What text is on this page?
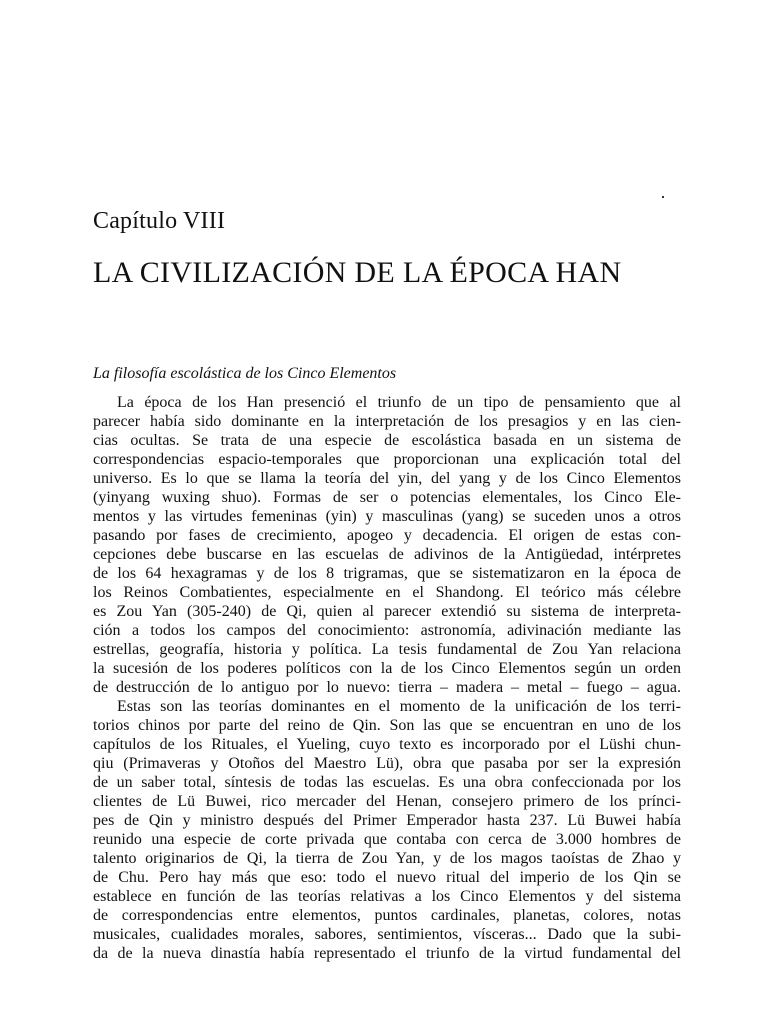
Capítulo VIII
LA CIVILIZACIÓN DE LA ÉPOCA HAN
La filosofía escolástica de los Cinco Elementos
La época de los Han presenció el triunfo de un tipo de pensamiento que al
parecer había sido dominante en la interpretación de los presagios y en las cien-
cias ocultas. Se trata de una especie de escolástica basada en un sistema de
correspondencias espacio-temporales que proporcionan una explicación total del
universo. Es lo que se llama la teoría del yin, del yang y de los Cinco Elementos
(yinyang wuxing shuo). Formas de ser o potencias elementales, los Cinco Ele-
mentos y las virtudes femeninas (yin) y masculinas (yang) se suceden unos a otros
pasando por fases de crecimiento, apogeo y decadencia. El origen de estas con-
cepciones debe buscarse en las escuelas de adivinos de la Antigüedad, intérpretes
de los 64 hexagramas y de los 8 trigramas, que se sistematizaron en la época de
los Reinos Combatientes, especialmente en el Shandong. El teórico más célebre
es Zou Yan (305-240) de Qi, quien al parecer extendió su sistema de interpreta-
ción a todos los campos del conocimiento: astronomía, adivinación mediante las
estrellas, geografía, historia y política. La tesis fundamental de Zou Yan relaciona
la sucesión de los poderes políticos con la de los Cinco Elementos según un orden
de destrucción de lo antiguo por lo nuevo: tierra – madera – metal – fuego – agua.
Estas son las teorías dominantes en el momento de la unificación de los terri-
torios chinos por parte del reino de Qin. Son las que se encuentran en uno de los
capítulos de los Rituales, el Yueling, cuyo texto es incorporado por el Lüshi chun-
qiu (Primaveras y Otoños del Maestro Lü), obra que pasaba por ser la expresión
de un saber total, síntesis de todas las escuelas. Es una obra confeccionada por los
clientes de Lü Buwei, rico mercader del Henan, consejero primero de los prínci-
pes de Qin y ministro después del Primer Emperador hasta 237. Lü Buwei había
reunido una especie de corte privada que contaba con cerca de 3.000 hombres de
talento originarios de Qi, la tierra de Zou Yan, y de los magos taoístas de Zhao y
de Chu. Pero hay más que eso: todo el nuevo ritual del imperio de los Qin se
establece en función de las teorías relativas a los Cinco Elementos y del sistema
de correspondencias entre elementos, puntos cardinales, planetas, colores, notas
musicales, cualidades morales, sabores, sentimientos, vísceras... Dado que la subi-
da de la nueva dinastía había representado el triunfo de la virtud fundamental del
